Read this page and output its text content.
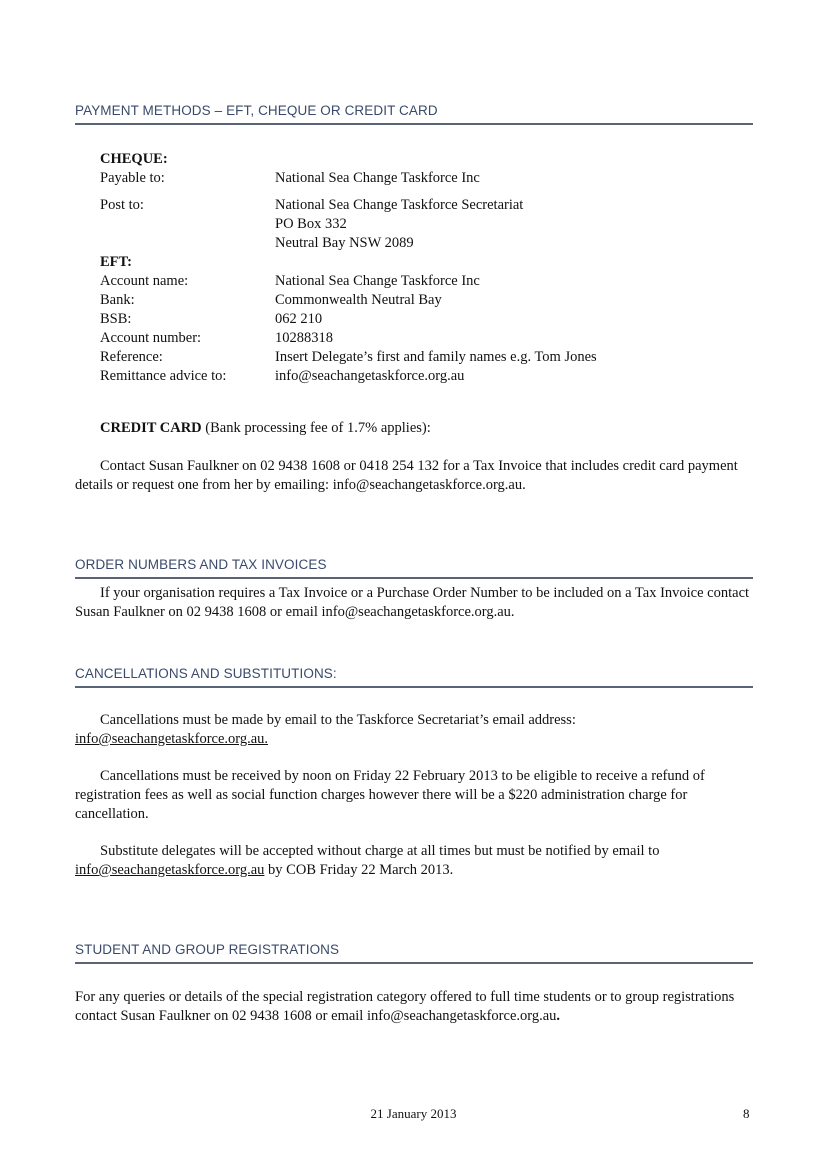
PAYMENT METHODS – EFT, CHEQUE OR CREDIT CARD
CHEQUE:
Payable to:	National Sea Change Taskforce Inc
Post to:	National Sea Change Taskforce Secretariat
PO Box 332
Neutral Bay NSW 2089
EFT:
Account name:	National Sea Change Taskforce Inc
Bank:	Commonwealth Neutral Bay
BSB:	062 210
Account number:	10288318
Reference:	Insert Delegate’s first and family names e.g. Tom Jones
Remittance advice to:	info@seachangetaskforce.org.au
CREDIT CARD (Bank processing fee of 1.7% applies):
Contact Susan Faulkner on 02 9438 1608 or 0418 254 132 for a Tax Invoice that includes credit card payment details or request one from her by emailing: info@seachangetaskforce.org.au.
ORDER NUMBERS AND TAX INVOICES
If your organisation requires a Tax Invoice or a Purchase Order Number to be included on a Tax Invoice contact Susan Faulkner on 02 9438 1608 or email info@seachangetaskforce.org.au.
CANCELLATIONS AND SUBSTITUTIONS:
Cancellations must be made by email to the Taskforce Secretariat’s email address: info@seachangetaskforce.org.au.
Cancellations must be received by noon on Friday 22 February 2013 to be eligible to receive a refund of registration fees as well as social function charges however there will be a $220 administration charge for cancellation.
Substitute delegates will be accepted without charge at all times but must be notified by email to info@seachangetaskforce.org.au by COB Friday 22 March 2013.
STUDENT AND GROUP REGISTRATIONS
For any queries or details of the special registration category offered to full time students or to group registrations contact Susan Faulkner on 02 9438 1608 or email info@seachangetaskforce.org.au.
21 January 2013	8
